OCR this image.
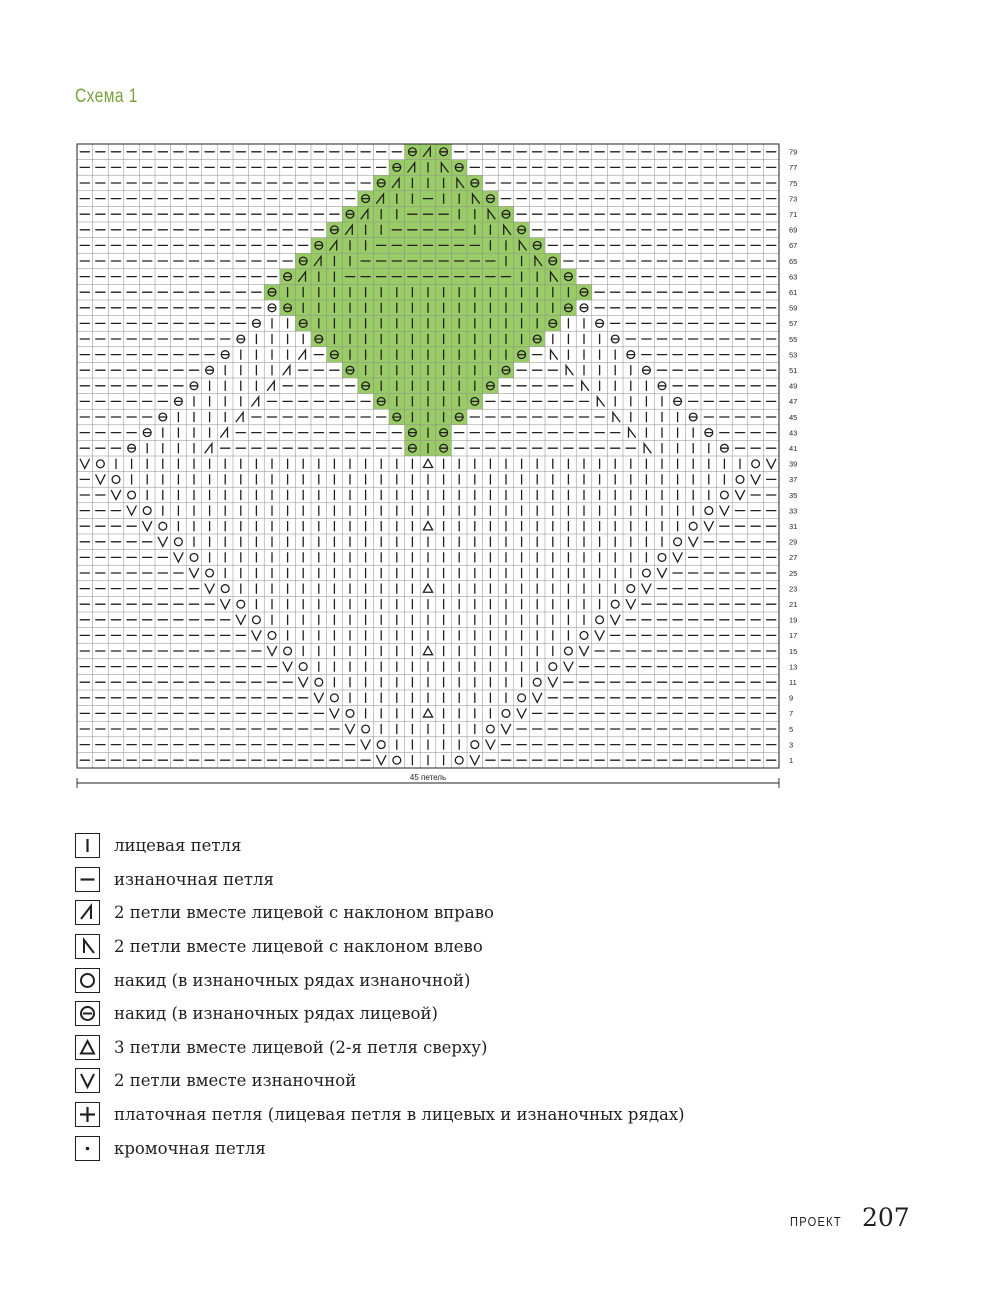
Схема 1
79
77
75
73
71
69
67
65
63
61
59
57
55
53
51
49
47
45
43
41
39
37
35
33
31
29
27
25
23
21
19
17
15
13
11
9
7
5
3
1
45 петель
лицевая петля
изнаночная петля
2 петли вместе лицевой с наклоном вправо
2 петли вместе лицевой с наклоном влево
накид (в изнаночных рядах изнаночной)
накид (в изнаночных рядах лицевой)
3 петли вместе лицевой (2-я петля сверху)
2 петли вместе изнаночной
платочная петля (лицевая петля в лицевых и изнаночных рядах)
кромочная петля
ПРОЕКТ 207
